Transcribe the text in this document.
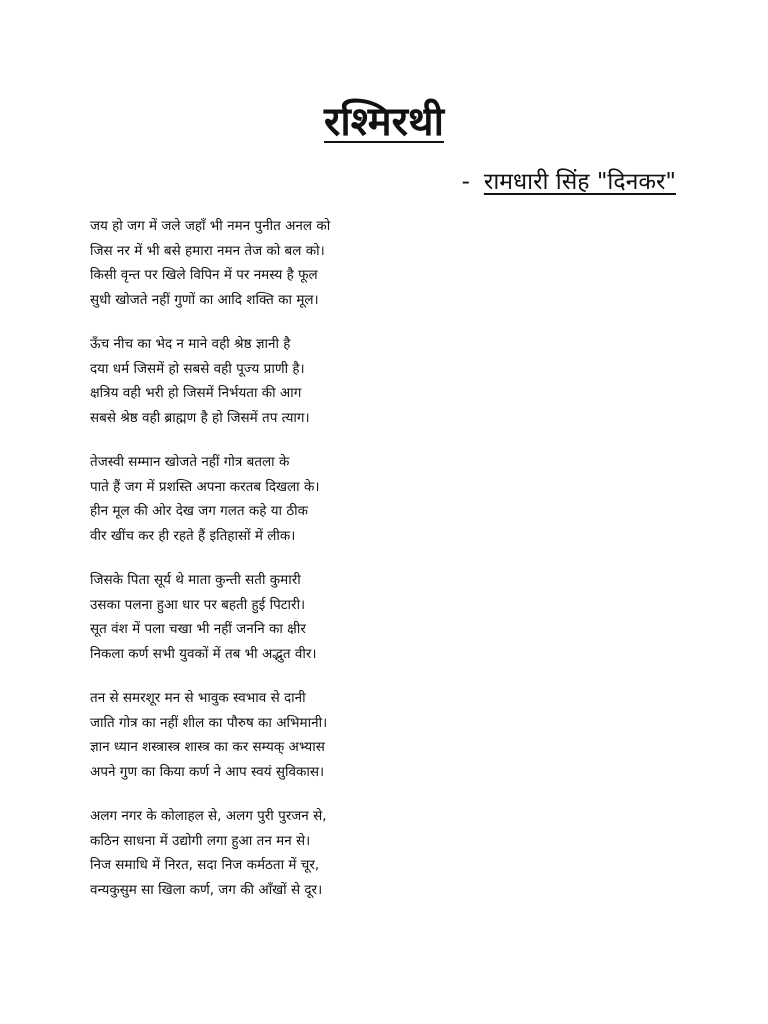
रश्मिरथी
- रामधारी सिंह "दिनकर"
जय हो जग में जले जहाँ भी नमन पुनीत अनल को
जिस नर में भी बसे हमारा नमन तेज को बल को।
किसी वृन्त पर खिले विपिन में पर नमस्य है फूल
सुधी खोजते नहीं गुणों का आदि शक्ति का मूल।
ऊँच नीच का भेद न माने वही श्रेष्ठ ज्ञानी है
दया धर्म जिसमें हो सबसे वही पूज्य प्राणी है।
क्षत्रिय वही भरी हो जिसमें निर्भयता की आग
सबसे श्रेष्ठ वही ब्राह्मण है हो जिसमें तप त्याग।
तेजस्वी सम्मान खोजते नहीं गोत्र बतला के
पाते हैं जग में प्रशस्ति अपना करतब दिखला के।
हीन मूल की ओर देख जग गलत कहे या ठीक
वीर खींच कर ही रहते हैं इतिहासों में लीक।
जिसके पिता सूर्य थे माता कुन्ती सती कुमारी
उसका पलना हुआ धार पर बहती हुई पिटारी।
सूत वंश में पला चखा भी नहीं जननि का क्षीर
निकला कर्ण सभी युवकों में तब भी अद्भुत वीर।
तन से समरशूर मन से भावुक स्वभाव से दानी
जाति गोत्र का नहीं शील का पौरुष का अभिमानी।
ज्ञान ध्यान शस्त्रास्त्र शास्त्र का कर सम्यक् अभ्यास
अपने गुण का किया कर्ण ने आप स्वयं सुविकास।
अलग नगर के कोलाहल से, अलग पुरी पुरजन से,
कठिन साधना में उद्योगी लगा हुआ तन मन से।
निज समाधि में निरत, सदा निज कर्मठता में चूर,
वन्यकुसुम सा खिला कर्ण, जग की आँखों से दूर।
